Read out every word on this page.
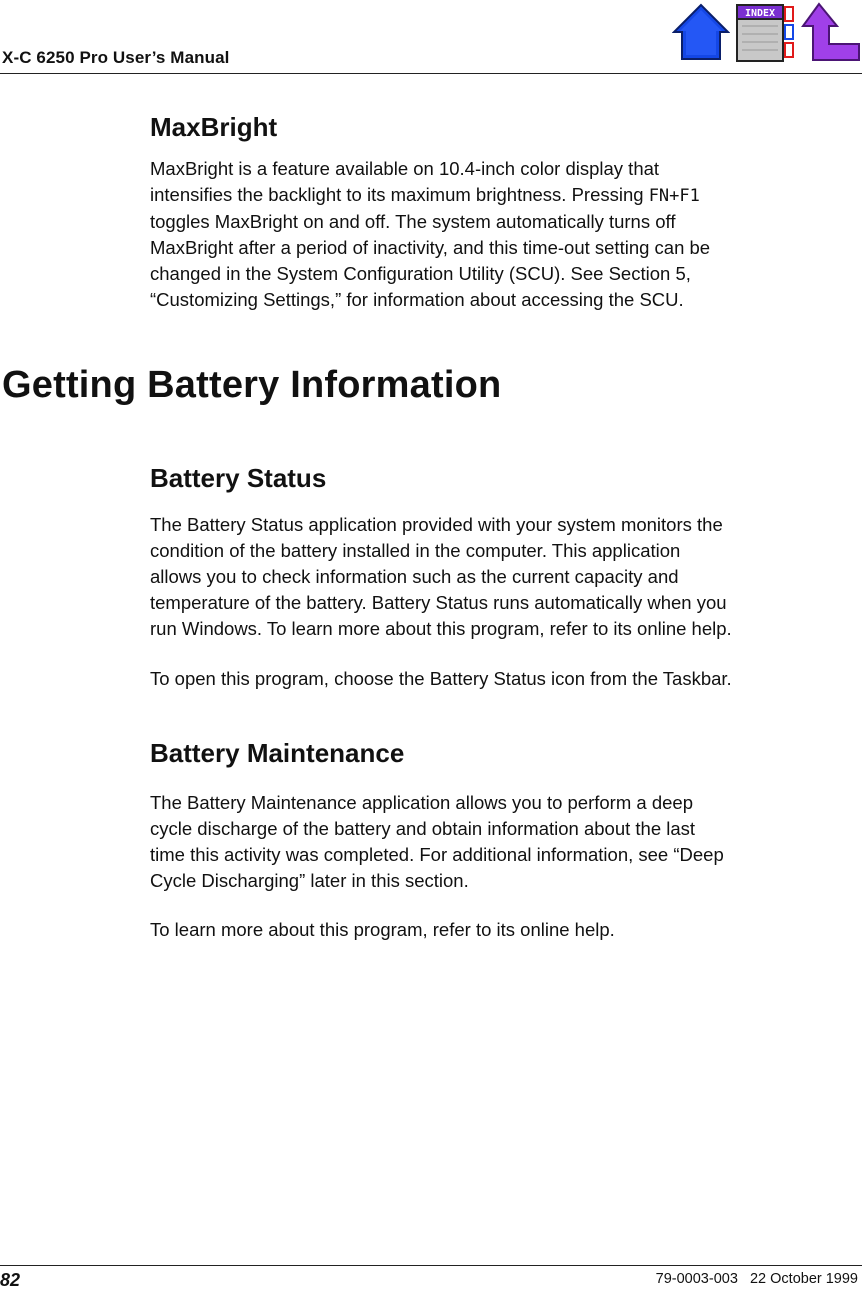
X-C 6250 Pro User’s Manual
INDEX
MaxBright
MaxBright is a feature available on 10.4-inch color display that
intensifies the backlight to its maximum brightness. Pressing FN+F1
toggles MaxBright on and off. The system automatically turns off
MaxBright after a period of inactivity, and this time-out setting can be
changed in the System Configuration Utility (SCU). See Section 5,
“Customizing Settings,” for information about accessing the SCU.
Getting Battery Information
Battery Status
The Battery Status application provided with your system monitors the
condition of the battery installed in the computer. This application
allows you to check information such as the current capacity and
temperature of the battery. Battery Status runs automatically when you
run Windows. To learn more about this program, refer to its online help.
To open this program, choose the Battery Status icon from the Taskbar.
Battery Maintenance
The Battery Maintenance application allows you to perform a deep
cycle discharge of the battery and obtain information about the last
time this activity was completed. For additional information, see “Deep
Cycle Discharging” later in this section.
To learn more about this program, refer to its online help.
82	79-0003-003   22 October 1999
